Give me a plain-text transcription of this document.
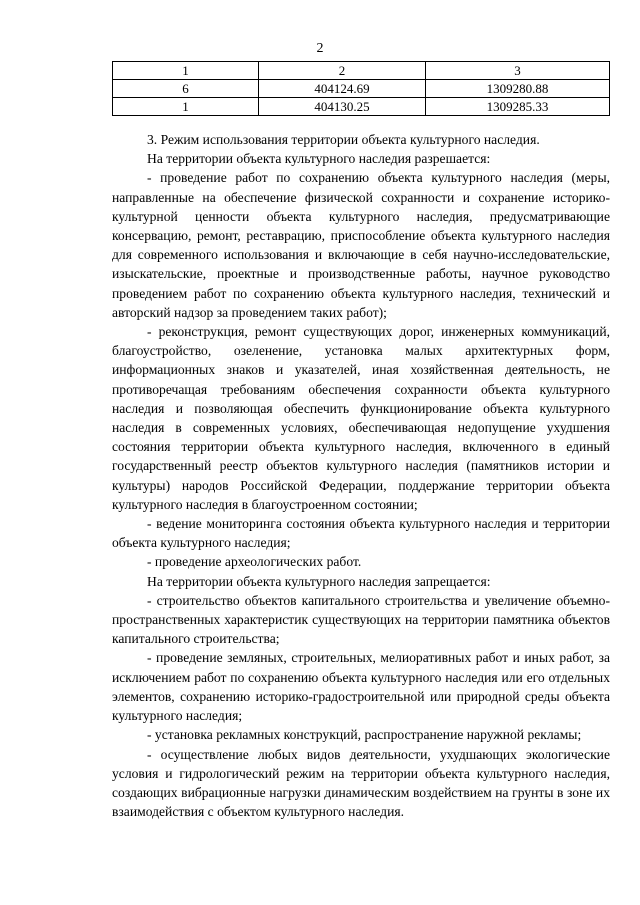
2
1	2	3
6	404124.69	1309280.88
1	404130.25	1309285.33

3. Режим использования территории объекта культурного наследия.

На территории объекта культурного наследия разрешается:

- проведение работ по сохранению объекта культурного наследия (меры, направленные на обеспечение физической сохранности и сохранение историко-культурной ценности объекта культурного наследия, предусматривающие консервацию, ремонт, реставрацию, приспособление объекта культурного наследия для современного использования и включающие в себя научно-исследовательские, изыскательские, проектные и производственные работы, научное руководство проведением работ по сохранению объекта культурного наследия, технический и авторский надзор за проведением таких работ);

- реконструкция, ремонт существующих дорог, инженерных коммуникаций, благоустройство, озеленение, установка малых архитектурных форм, информационных знаков и указателей, иная хозяйственная деятельность, не противоречащая требованиям обеспечения сохранности объекта культурного наследия и позволяющая обеспечить функционирование объекта культурного наследия в современных условиях, обеспечивающая недопущение ухудшения состояния территории объекта культурного наследия, включенного в единый государственный реестр объектов культурного наследия (памятников истории и культуры) народов Российской Федерации, поддержание территории объекта культурного наследия в благоустроенном состоянии;

- ведение мониторинга состояния объекта культурного наследия и территории объекта культурного наследия;

- проведение археологических работ.

На территории объекта культурного наследия запрещается:

- строительство объектов капитального строительства и увеличение объемно-пространственных характеристик существующих на территории памятника объектов капитального строительства;

- проведение земляных, строительных, мелиоративных работ и иных работ, за исключением работ по сохранению объекта культурного наследия или его отдельных элементов, сохранению историко-градостроительной или природной среды объекта культурного наследия;

- установка рекламных конструкций, распространение наружной рекламы;

- осуществление любых видов деятельности, ухудшающих экологические условия и гидрологический режим на территории объекта культурного наследия, создающих вибрационные нагрузки динамическим воздействием на грунты в зоне их взаимодействия с объектом культурного наследия.
